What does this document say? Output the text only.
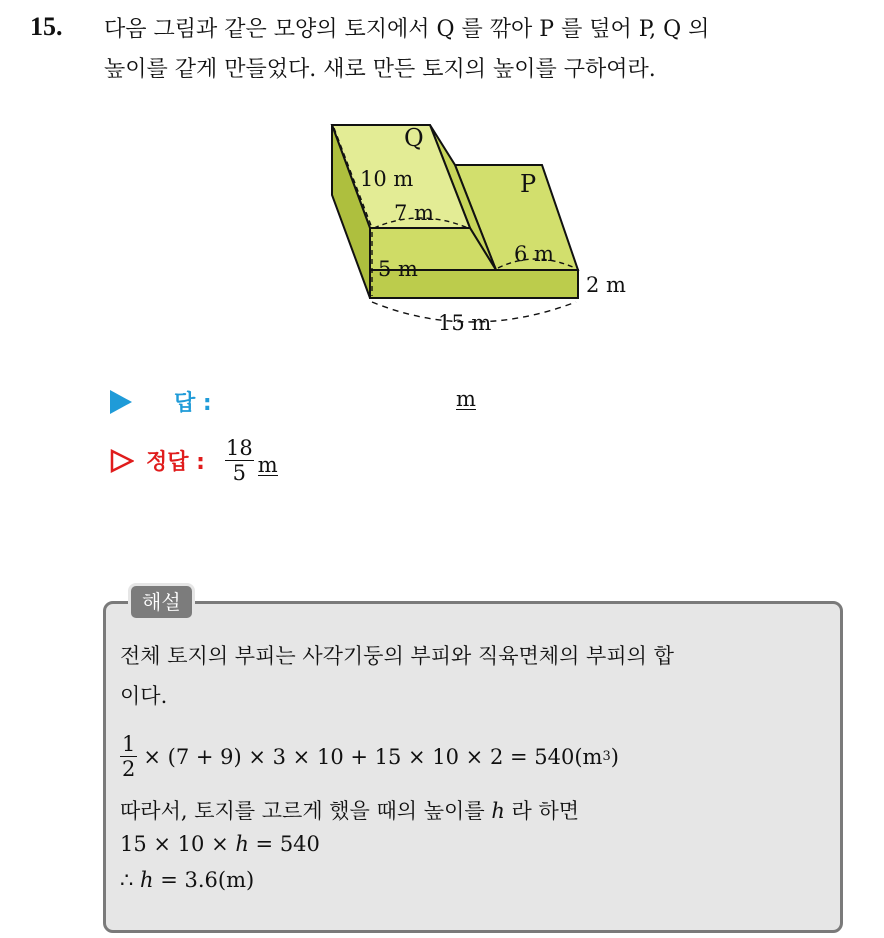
15. 다음 그림과 같은 모양의 토지에서 Q 를 깎아 P 를 덮어 P, Q 의
높이를 같게 만들었다. 새로 만든 토지의 높이를 구하여라.
Q
P
10 m
7 m
5 m
6 m
2 m
15 m
답 :	m
정답 : $\frac{18}{5}$ m
해설
전체 토지의 부피는 사각기둥의 부피와 직육면체의 부피의 합
이다.
$\frac{1}{2} \times (7 + 9) \times 3 \times 10 + 15 \times 10 \times 2 = 540(m$ 3 )
따라서, 토지를 고르게 했을 때의 높이를 h 라 하면
15 × 10 × h = 540
∴ h = 3.6(m)
